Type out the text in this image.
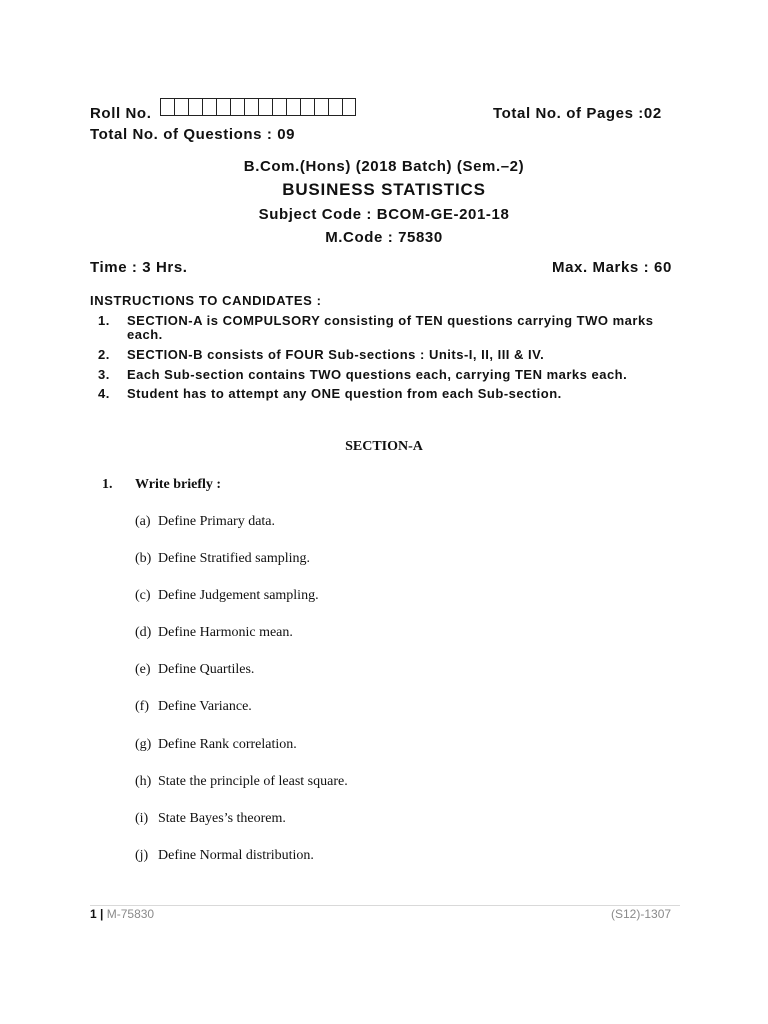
Roll No.	Total No. of Pages :02
Total No. of Questions : 09
B.Com.(Hons) (2018 Batch) (Sem.–2)
BUSINESS STATISTICS
Subject Code : BCOM-GE-201-18
M.Code : 75830
Time : 3 Hrs.	Max. Marks : 60
INSTRUCTIONS TO CANDIDATES :
1. SECTION-A is COMPULSORY consisting of TEN questions carrying TWO marks each.
2. SECTION-B consists of FOUR Sub-sections : Units-I, II, III & IV.
3. Each Sub-section contains TWO questions each, carrying TEN marks each.
4. Student has to attempt any ONE question from each Sub-section.
SECTION-A
1. Write briefly :
(a) Define Primary data.
(b) Define Stratified sampling.
(c) Define Judgement sampling.
(d) Define Harmonic mean.
(e) Define Quartiles.
(f) Define Variance.
(g) Define Rank correlation.
(h) State the principle of least square.
(i) State Bayes’s theorem.
(j) Define Normal distribution.
1 | M-75830	(S12)-1307
